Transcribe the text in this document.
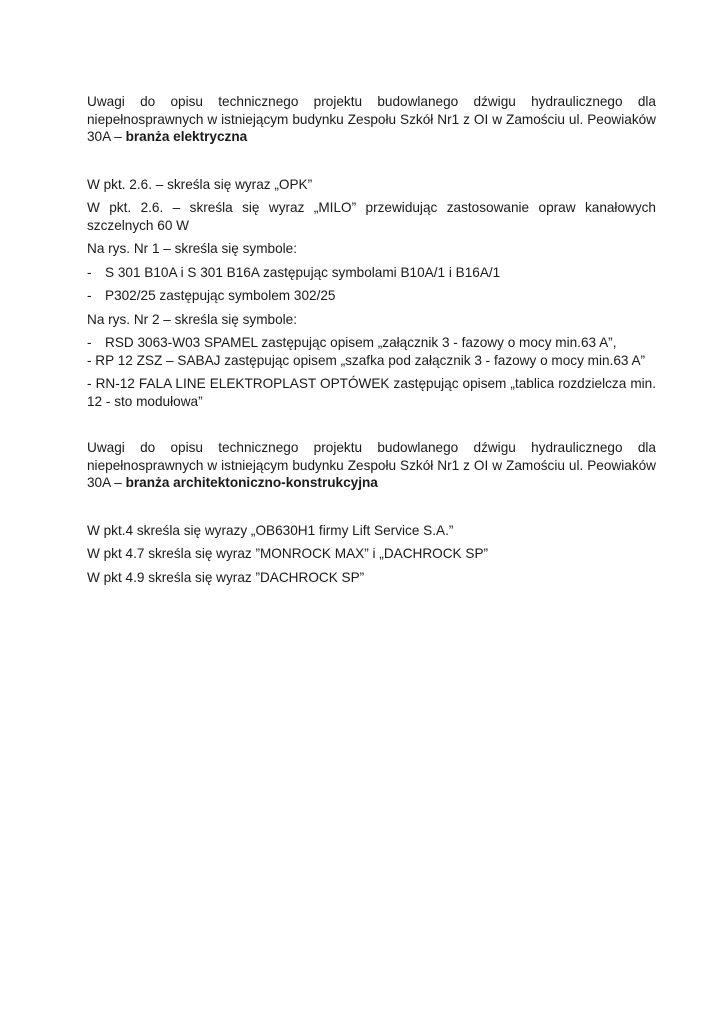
Uwagi do opisu technicznego projektu budowlanego dźwigu hydraulicznego dla niepełnosprawnych w istniejącym budynku Zespołu Szkół Nr1 z OI w Zamościu ul. Peowiaków 30A – branża elektryczna

W pkt. 2.6. – skreśla się wyraz „OPK”

W pkt. 2.6. – skreśla się wyraz „MILO” przewidując zastosowanie opraw kanałowych szczelnych 60 W

Na rys. Nr 1 – skreśla się symbole:

- S 301 B10A i S 301 B16A zastępując symbolami B10A/1 i B16A/1
- P302/25 zastępując symbolem 302/25

Na rys. Nr 2 – skreśla się symbole:

- RSD 3063-W03 SPAMEL zastępując opisem „załącznik 3 - fazowy o mocy min.63 A”,

- RP 12 ZSZ – SABAJ zastępując opisem „szafka pod załącznik 3 - fazowy o mocy min.63 A”

- RN-12 FALA LINE ELEKTROPLAST OPTÓWEK zastępując opisem „tablica rozdzielcza min. 12 - sto modułowa”

Uwagi do opisu technicznego projektu budowlanego dźwigu hydraulicznego dla niepełnosprawnych w istniejącym budynku Zespołu Szkół Nr1 z OI w Zamościu ul. Peowiaków 30A – branża architektoniczno-konstrukcyjna

W pkt.4 skreśla się wyrazy „OB630H1 firmy Lift Service S.A.”

W pkt 4.7 skreśla się wyraz ”MONROCK MAX” i „DACHROCK SP”

W pkt 4.9 skreśla się wyraz ”DACHROCK SP”
